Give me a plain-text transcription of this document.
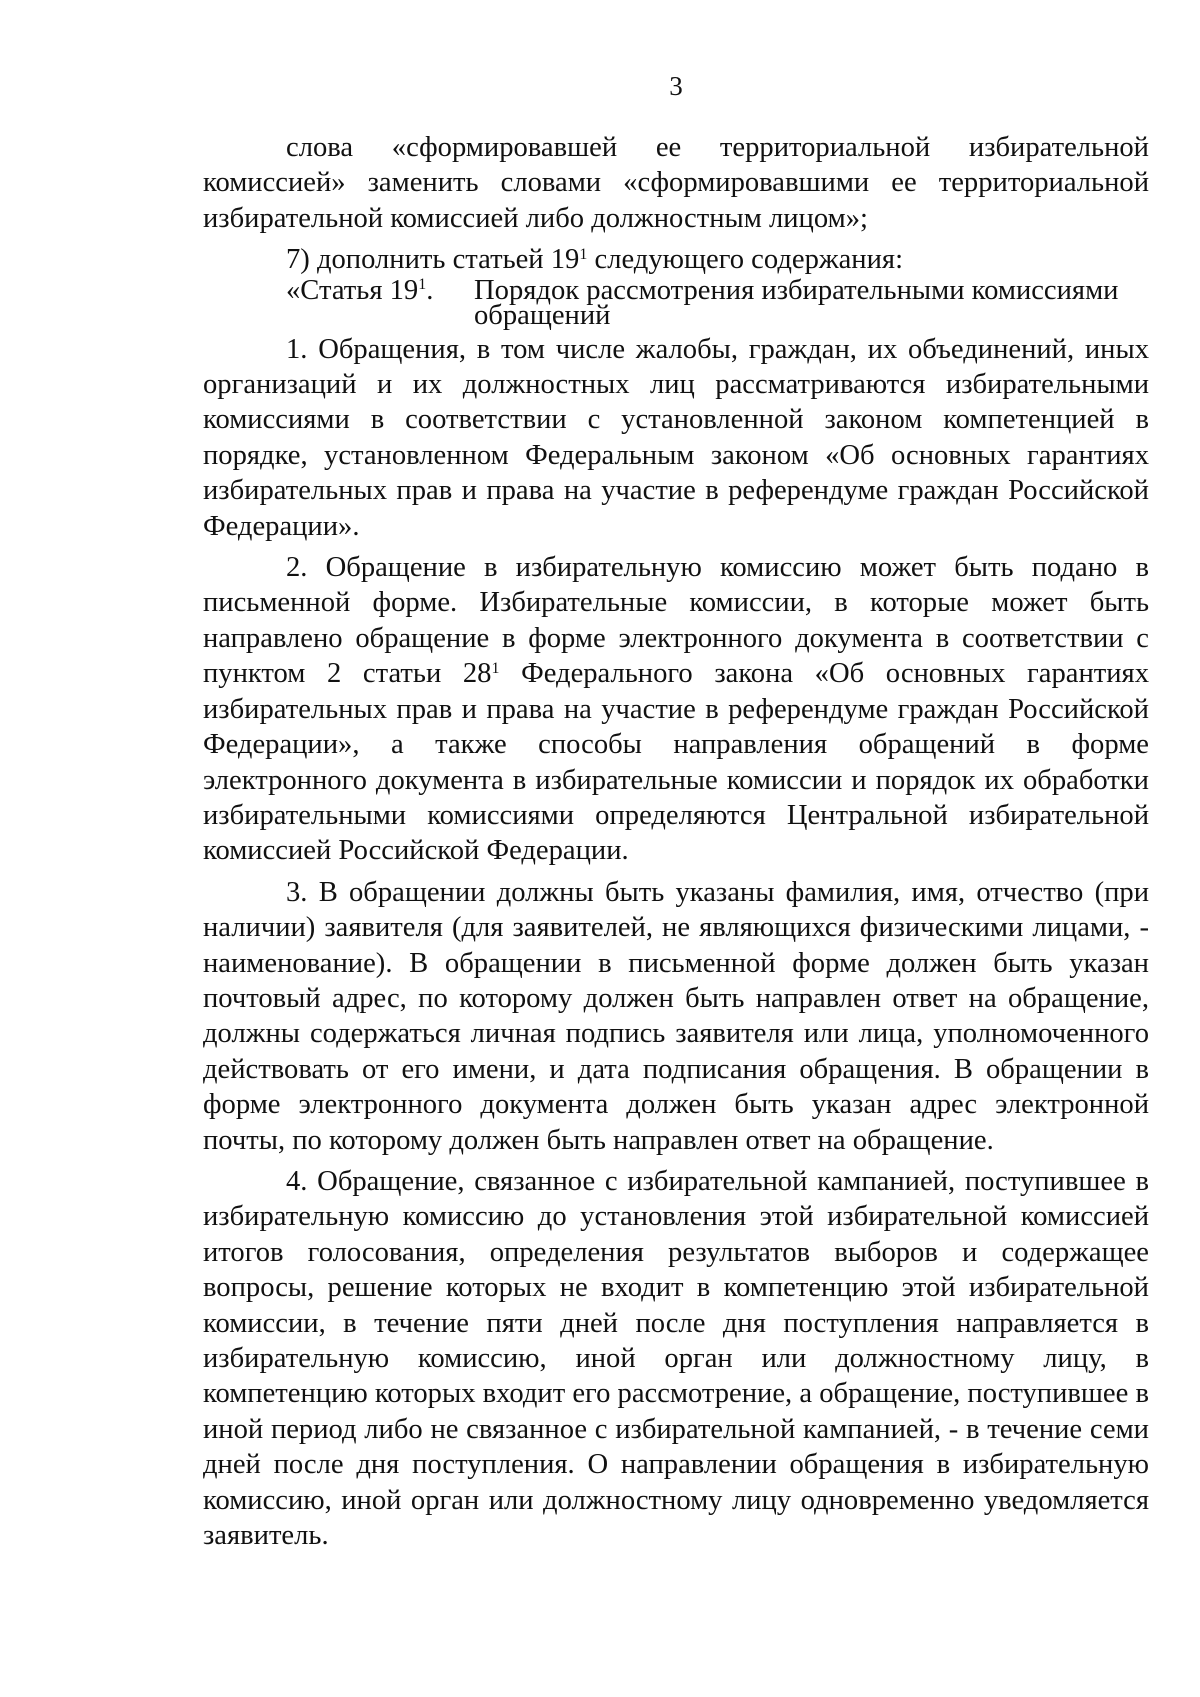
3

слова «сформировавшей ее территориальной избирательной комиссией» заменить словами «сформировавшими ее территориальной избирательной комиссией либо должностным лицом»;

7) дополнить статьей $19^1$ следующего содержания:

«Статья $19^1$.	Порядок рассмотрения избирательными комиссиями обращений

1. Обращения, в том числе жалобы, граждан, их объединений, иных организаций и их должностных лиц рассматриваются избирательными комиссиями в соответствии с установленной законом компетенцией в порядке, установленном Федеральным законом «Об основных гарантиях избирательных прав и права на участие в референдуме граждан Российской Федерации».

2. Обращение в избирательную комиссию может быть подано в письменной форме. Избирательные комиссии, в которые может быть направлено обращение в форме электронного документа в соответствии с пунктом 2 статьи $28^1$ Федерального закона «Об основных гарантиях избирательных прав и права на участие в референдуме граждан Российской Федерации», а также способы направления обращений в форме электронного документа в избирательные комиссии и порядок их обработки избирательными комиссиями определяются Центральной избирательной комиссией Российской Федерации.

3. В обращении должны быть указаны фамилия, имя, отчество (при наличии) заявителя (для заявителей, не являющихся физическими лицами, - наименование). В обращении в письменной форме должен быть указан почтовый адрес, по которому должен быть направлен ответ на обращение, должны содержаться личная подпись заявителя или лица, уполномоченного действовать от его имени, и дата подписания обращения. В обращении в форме электронного документа должен быть указан адрес электронной почты, по которому должен быть направлен ответ на обращение.

4. Обращение, связанное с избирательной кампанией, поступившее в избирательную комиссию до установления этой избирательной комиссией итогов голосования, определения результатов выборов и содержащее вопросы, решение которых не входит в компетенцию этой избирательной комиссии, в течение пяти дней после дня поступления направляется в избирательную комиссию, иной орган или должностному лицу, в компетенцию которых входит его рассмотрение, а обращение, поступившее в иной период либо не связанное с избирательной кампанией, - в течение семи дней после дня поступления. О направлении обращения в избирательную комиссию, иной орган или должностному лицу одновременно уведомляется заявитель.
